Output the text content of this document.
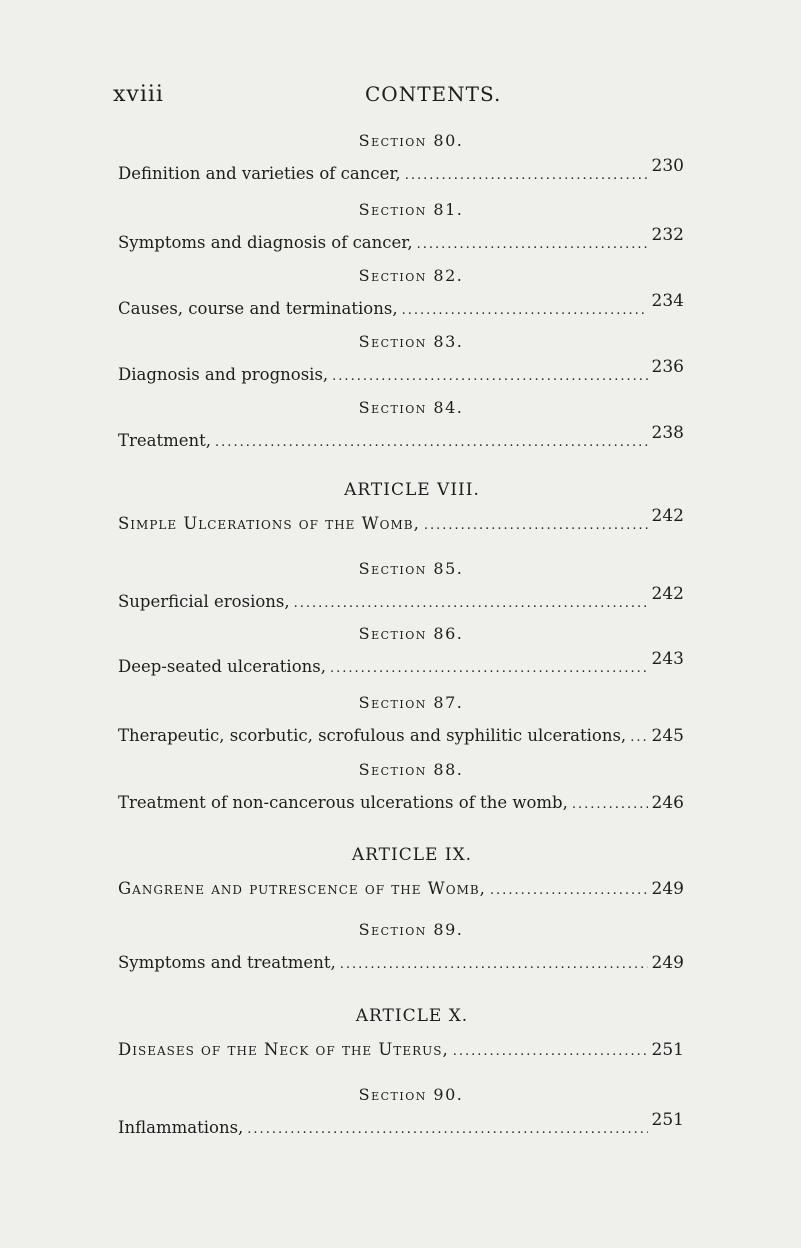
xviii	CONTENTS.
Section 80.
Definition and varieties of cancer, .....	230
Section 81.
Symptoms and diagnosis of cancer, .....	232
Section 82.
Causes, course and terminations, .....	234
Section 83.
Diagnosis and prognosis, .....	236
Section 84.
Treatment, .....	238
ARTICLE VIII.
Simple Ulcerations of the Womb, .....	242
Section 85.
Superficial erosions, .....	242
Section 86.
Deep-seated ulcerations, .....	243
Section 87.
Therapeutic, scorbutic, scrofulous and syphilitic ulcerations, ..... 245
Section 88.
Treatment of non-cancerous ulcerations of the womb, .....	246
ARTICLE IX.
Gangrene and putrescence of the Womb, .....	249
Section 89.
Symptoms and treatment, .....	249
ARTICLE X.
Diseases of the Neck of the Uterus, .....	251
Section 90.
Inflammations, .....	251
